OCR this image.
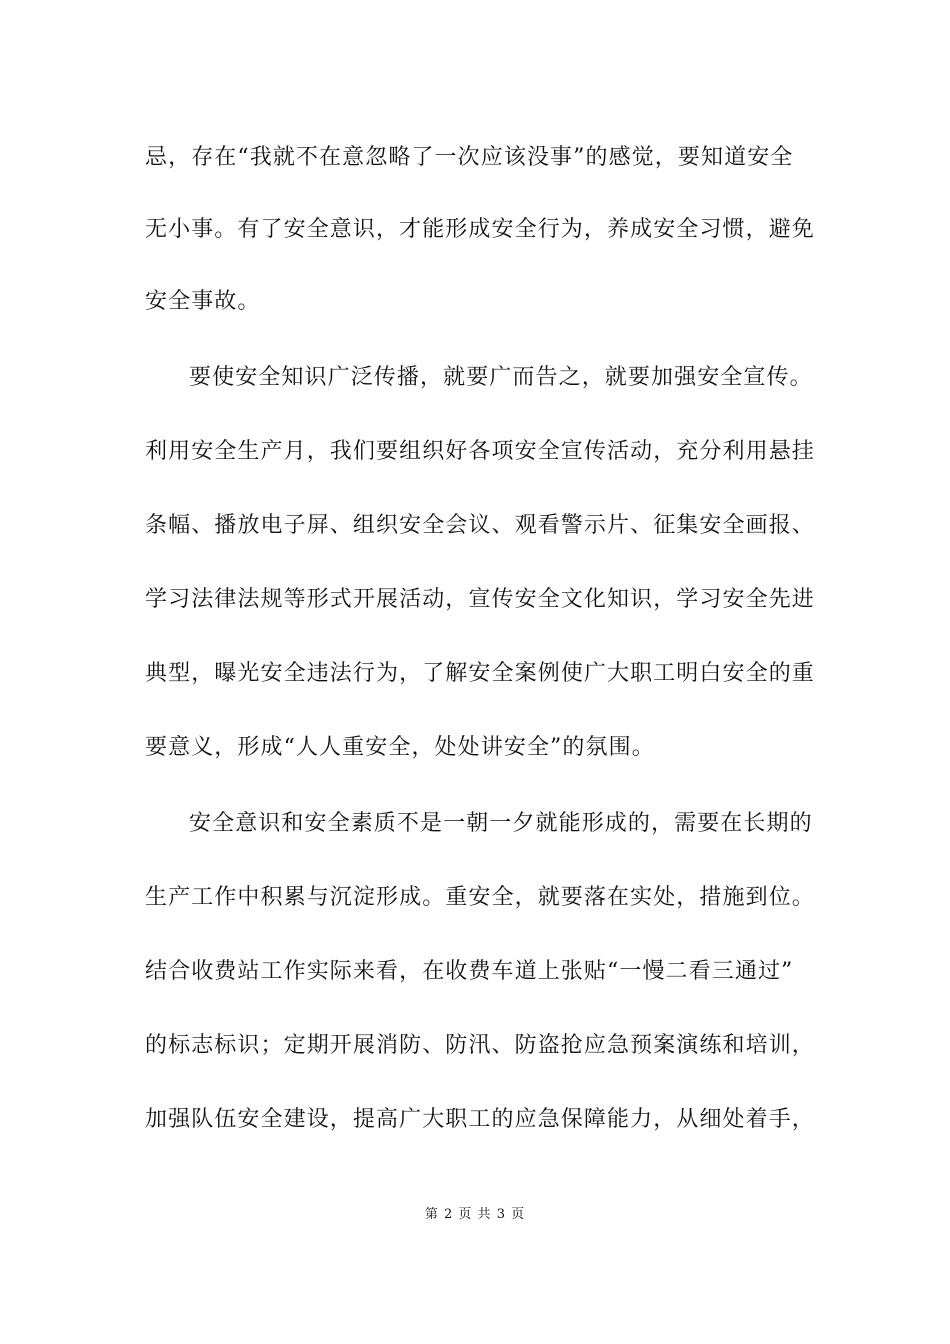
忌，存在“我就不在意忽略了一次应该没事”的感觉，要知道安全
无小事。有了安全意识，才能形成安全行为，养成安全习惯，避免
安全事故。
要使安全知识广泛传播，就要广而告之，就要加强安全宣传。
利用安全生产月，我们要组织好各项安全宣传活动，充分利用悬挂
条幅、播放电子屏、组织安全会议、观看警示片、征集安全画报、
学习法律法规等形式开展活动，宣传安全文化知识，学习安全先进
典型，曝光安全违法行为，了解安全案例使广大职工明白安全的重
要意义，形成“人人重安全，处处讲安全”的氛围。
安全意识和安全素质不是一朝一夕就能形成的，需要在长期的
生产工作中积累与沉淀形成。重安全，就要落在实处，措施到位。
结合收费站工作实际来看，在收费车道上张贴“一慢二看三通过”
的标志标识；定期开展消防、防汛、防盗抢应急预案演练和培训，
加强队伍安全建设，提高广大职工的应急保障能力，从细处着手，
第 2 页 共 3 页
